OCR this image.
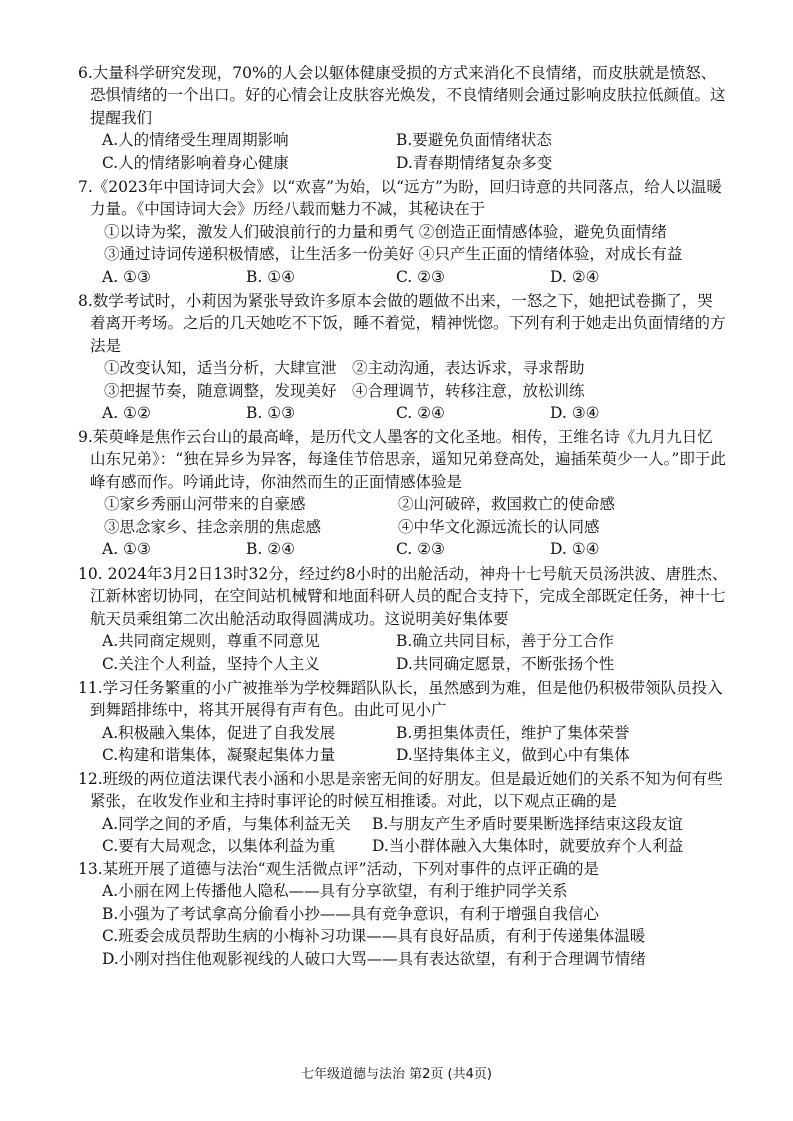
6.大量科学研究发现，70%的人会以躯体健康受损的方式来消化不良情绪，而皮肤就是愤怒、恐惧情绪的一个出口。好的心情会让皮肤容光焕发，不良情绪则会通过影响皮肤拉低颜值。这提醒我们
A.人的情绪受生理周期影响	B.要避免负面情绪状态
C.人的情绪影响着身心健康	D.青春期情绪复杂多变
7.《2023年中国诗词大会》以“欢喜”为始，以“远方”为盼，回归诗意的共同落点，给人以温暖力量。《中国诗词大会》历经八载而魅力不减，其秘诀在于
①以诗为桨，激发人们破浪前行的力量和勇气 ②创造正面情感体验，避免负面情绪
③通过诗词传递积极情感，让生活多一份美好 ④只产生正面的情绪体验，对成长有益
A. ①③	B. ①④	C. ②③	D. ②④
8.数学考试时，小莉因为紧张导致许多原本会做的题做不出来，一怒之下，她把试卷撕了，哭着离开考场。之后的几天她吃不下饭，睡不着觉，精神恍惚。下列有利于她走出负面情绪的方法是
①改变认知，适当分析，大肆宣泄　②主动沟通，表达诉求，寻求帮助
③把握节奏，随意调整，发现美好　④合理调节，转移注意，放松训练
A. ①②	B. ①③	C. ②④	D. ③④
9.茱萸峰是焦作云台山的最高峰，是历代文人墨客的文化圣地。相传，王维名诗《九月九日忆山东兄弟》：“独在异乡为异客，每逢佳节倍思亲，遥知兄弟登高处，遍插茱萸少一人。”即于此峰有感而作。吟诵此诗，你油然而生的正面情感体验是
①家乡秀丽山河带来的自豪感	②山河破碎，救国救亡的使命感
③思念家乡、挂念亲朋的焦虑感	④中华文化源远流长的认同感
A. ①③	B. ②④	C. ②③	D. ①④
10. 2024年3月2日13时32分，经过约8小时的出舱活动，神舟十七号航天员汤洪波、唐胜杰、江新林密切协同，在空间站机械臂和地面科研人员的配合支持下，完成全部既定任务，神十七航天员乘组第二次出舱活动取得圆满成功。这说明美好集体要
A.共同商定规则，尊重不同意见	B.确立共同目标，善于分工合作
C.关注个人利益，坚持个人主义	D.共同确定愿景，不断张扬个性
11.学习任务繁重的小广被推举为学校舞蹈队队长，虽然感到为难，但是他仍积极带领队员投入到舞蹈排练中，将其开展得有声有色。由此可见小广
A.积极融入集体，促进了自我发展	B.勇担集体责任，维护了集体荣誉
C.构建和谐集体，凝聚起集体力量	D.坚持集体主义，做到心中有集体
12.班级的两位道法课代表小涵和小思是亲密无间的好朋友。但是最近她们的关系不知为何有些紧张，在收发作业和主持时事评论的时候互相推诿。对此，以下观点正确的是
A.同学之间的矛盾，与集体利益无关 B.与朋友产生矛盾时要果断选择结束这段友谊
C.要有大局观念，以集体利益为重 D.当小群体融入大集体时，就要放弃个人利益
13.某班开展了道德与法治“观生活微点评”活动，下列对事件的点评正确的是
A.小丽在网上传播他人隐私——具有分享欲望，有利于维护同学关系
B.小强为了考试拿高分偷看小抄——具有竞争意识，有利于增强自我信心
C.班委会成员帮助生病的小梅补习功课——具有良好品质，有利于传递集体温暖
D.小刚对挡住他观影视线的人破口大骂——具有表达欲望，有利于合理调节情绪
七年级道德与法治 第2页 (共4页)
